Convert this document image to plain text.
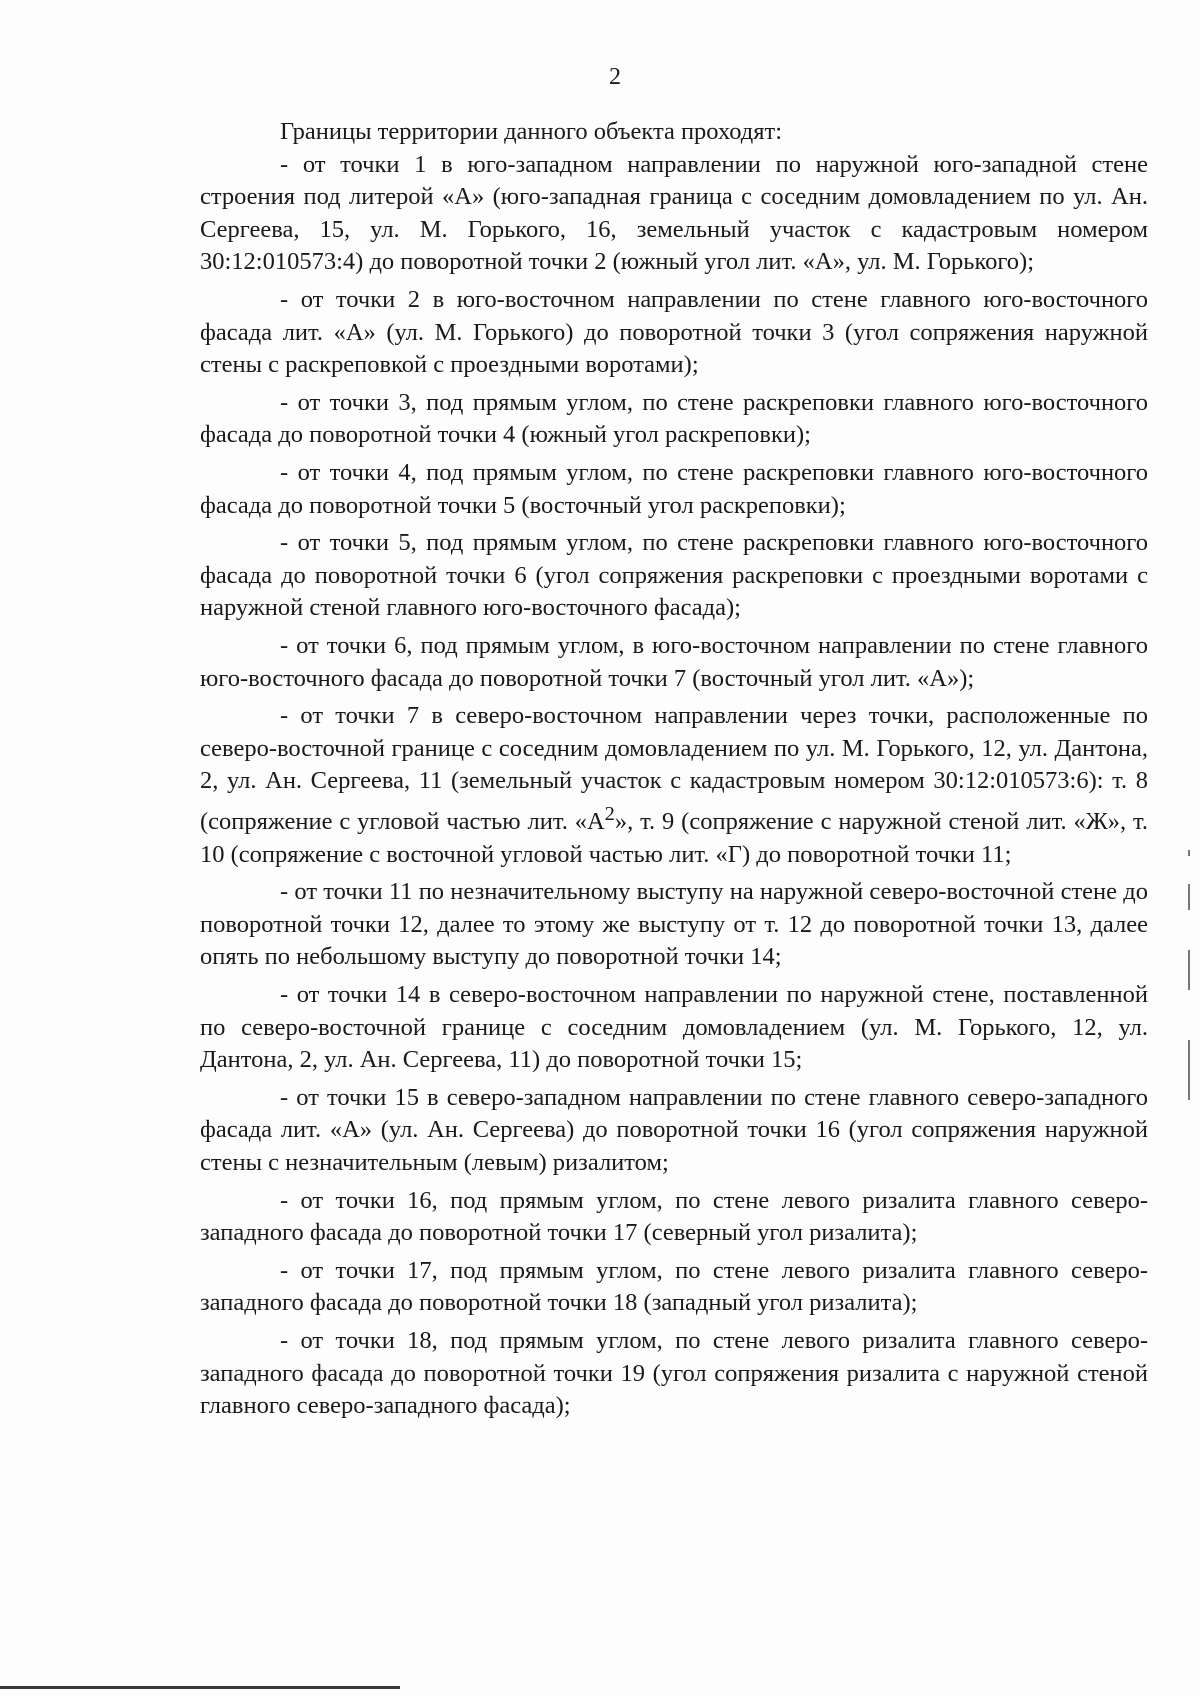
2

Границы территории данного объекта проходят:

- от точки 1 в юго-западном направлении по наружной юго-западной стене строения под литерой «А» (юго-западная граница с соседним домовладением по ул. Ан. Сергеева, 15, ул. М. Горького, 16, земельный участок с кадастровым номером 30:12:010573:4) до поворотной точки 2 (южный угол лит. «А», ул. М. Горького);

- от точки 2 в юго-восточном направлении по стене главного юго-восточного фасада лит. «А» (ул. М. Горького) до поворотной точки 3 (угол сопряжения наружной стены с раскреповкой с проездными воротами);

- от точки 3, под прямым углом, по стене раскреповки главного юго-восточного фасада до поворотной точки 4 (южный угол раскреповки);

- от точки 4, под прямым углом, по стене раскреповки главного юго-восточного фасада до поворотной точки 5 (восточный угол раскреповки);

- от точки 5, под прямым углом, по стене раскреповки главного юго-восточного фасада до поворотной точки 6 (угол сопряжения раскреповки с проездными воротами с наружной стеной главного юго-восточного фасада);

- от точки 6, под прямым углом, в юго-восточном направлении по стене главного юго-восточного фасада до поворотной точки 7 (восточный угол лит. «А»);

- от точки 7 в северо-восточном направлении через точки, расположенные по северо-восточной границе с соседним домовладением по ул. М. Горького, 12, ул. Дантона, 2, ул. Ан. Сергеева, 11 (земельный участок с кадастровым номером 30:12:010573:6): т. 8 (сопряжение с угловой частью лит. «$А^2$», т. 9 (сопряжение с наружной стеной лит. «Ж», т. 10 (сопряжение с восточной угловой частью лит. «Г) до поворотной точки 11;

- от точки 11 по незначительному выступу на наружной северо-восточной стене до поворотной точки 12, далее то этому же выступу от т. 12 до поворотной точки 13, далее опять по небольшому выступу до поворотной точки 14;

- от точки 14 в северо-восточном направлении по наружной стене, поставленной по северо-восточной границе с соседним домовладением (ул. М. Горького, 12, ул. Дантона, 2, ул. Ан. Сергеева, 11) до поворотной точки 15;

- от точки 15 в северо-западном направлении по стене главного северо-западного фасада лит. «А» (ул. Ан. Сергеева) до поворотной точки 16 (угол сопряжения наружной стены с незначительным (левым) ризалитом;

- от точки 16, под прямым углом, по стене левого ризалита главного северо-западного фасада до поворотной точки 17 (северный угол ризалита);

- от точки 17, под прямым углом, по стене левого ризалита главного северо-западного фасада до поворотной точки 18 (западный угол ризалита);

- от точки 18, под прямым углом, по стене левого ризалита главного северо-западного фасада до поворотной точки 19 (угол сопряжения ризалита с наружной стеной главного северо-западного фасада);
